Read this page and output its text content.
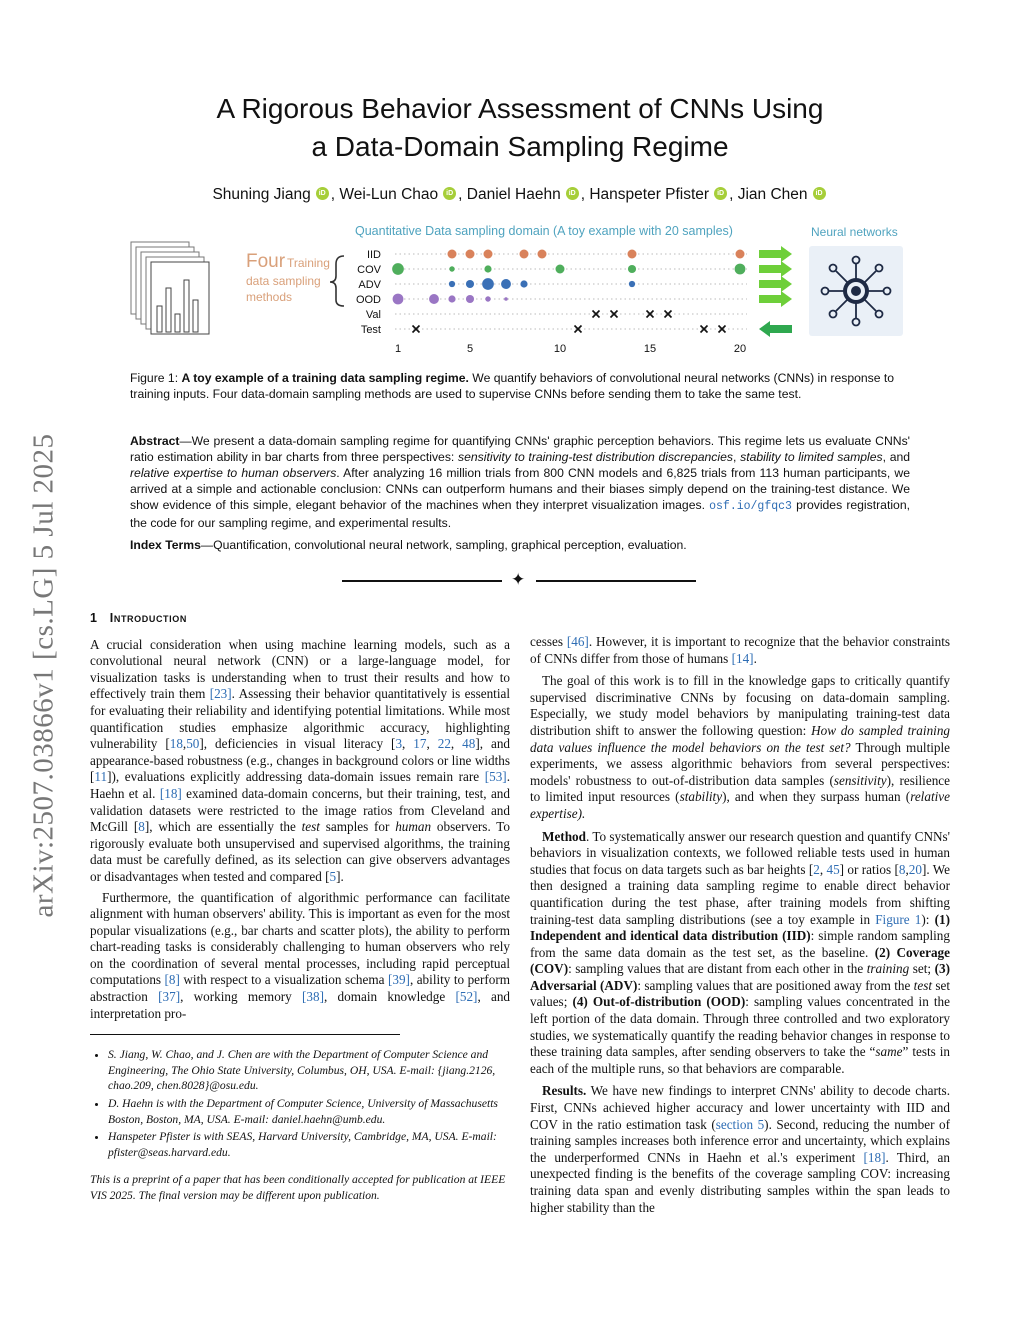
arXiv:2507.03866v1 [cs.LG] 5 Jul 2025
A Rigorous Behavior Assessment of CNNs Using
a Data-Domain Sampling Regime
Shuning Jiang iD , Wei-Lun Chao iD , Daniel Haehn iD , Hanspeter Pfister iD , Jian Chen iD
Four Training
data sampling
methods
Quantitative Data sampling domain (A toy example with 20 samples)	Neural networks
IID
COV
ADV
OOD
Val
Test
1	5	10	15	20
Figure 1: A toy example of a training data sampling regime. We quantify behaviors of convolutional neural networks (CNNs) in response to training inputs. Four data-domain sampling methods are used to supervise CNNs before sending them to take the same test.
Abstract—We present a data-domain sampling regime for quantifying CNNs' graphic perception behaviors. This regime lets us evaluate CNNs' ratio estimation ability in bar charts from three perspectives: sensitivity to training-test distribution discrepancies, stability to limited samples, and relative expertise to human observers. After analyzing 16 million trials from 800 CNN models and 6,825 trials from 113 human participants, we arrived at a simple and actionable conclusion: CNNs can outperform humans and their biases simply depend on the training-test distance. We show evidence of this simple, elegant behavior of the machines when they interpret visualization images. osf.io/gfqc3 provides registration, the code for our sampling regime, and experimental results.
Index Terms—Quantification, convolutional neural network, sampling, graphical perception, evaluation.
✦
1 Introduction

A crucial consideration when using machine learning models, such as a convolutional neural network (CNN) or a large-language model, for visualization tasks is understanding when to trust their results and how to effectively train them [23]. Assessing their behavior quantitatively is essential for evaluating their reliability and identifying potential limitations. While most quantification studies emphasize algorithmic accuracy, highlighting vulnerability [18,50], deficiencies in visual literacy [3, 17, 22, 48], and appearance-based robustness (e.g., changes in background colors or line widths [11]), evaluations explicitly addressing data-domain issues remain rare [53]. Haehn et al. [18] examined data-domain concerns, but their training, test, and validation datasets were restricted to the image ratios from Cleveland and McGill [8], which are essentially the test samples for human observers. To rigorously evaluate both unsupervised and supervised algorithms, the training data must be carefully defined, as its selection can give observers advantages or disadvantages when tested and compared [5].

Furthermore, the quantification of algorithmic performance can facilitate alignment with human observers' ability. This is important as even for the most popular visualizations (e.g., bar charts and scatter plots), the ability to perform chart-reading tasks is considerably challenging to human observers who rely on the coordination of several mental processes, including rapid perceptual computations [8] with respect to a visualization schema [39], ability to perform abstraction [37], working memory [38], domain knowledge [52], and interpretation pro-

• S. Jiang, W. Chao, and J. Chen are with the Department of Computer Science and Engineering, The Ohio State University, Columbus, OH, USA. E-mail: {jiang.2126, chao.209, chen.8028}@osu.edu.
• D. Haehn is with the Department of Computer Science, University of Massachusetts Boston, Boston, MA, USA. E-mail: daniel.haehn@umb.edu.
• Hanspeter Pfister is with SEAS, Harvard University, Cambridge, MA, USA. E-mail: pfister@seas.harvard.edu.

This is a preprint of a paper that has been conditionally accepted for publication at IEEE VIS 2025. The final version may be different upon publication.

cesses [46]. However, it is important to recognize that the behavior constraints of CNNs differ from those of humans [14].

The goal of this work is to fill in the knowledge gaps to critically quantify supervised discriminative CNNs by focusing on data-domain sampling. Especially, we study model behaviors by manipulating training-test data distribution shift to answer the following question: How do sampled training data values influence the model behaviors on the test set? Through multiple experiments, we assess algorithmic behaviors from several perspectives: models' robustness to out-of-distribution data samples (sensitivity), resilience to limited input resources (stability), and when they surpass human (relative expertise).

Method. To systematically answer our research question and quantify CNNs' behaviors in visualization contexts, we followed reliable tests used in human studies that focus on data targets such as bar heights [2, 45] or ratios [8,20]. We then designed a training data sampling regime to enable direct behavior quantification during the test phase, after training models from shifting training-test data sampling distributions (see a toy example in Figure 1): (1) Independent and identical data distribution (IID): simple random sampling from the same data domain as the test set, as the baseline. (2) Coverage (COV): sampling values that are distant from each other in the training set; (3) Adversarial (ADV): sampling values that are positioned away from the test set values; (4) Out-of-distribution (OOD): sampling values concentrated in the left portion of the data domain. Through three controlled and two exploratory studies, we systematically quantify the reading behavior changes in response to these training data samples, after sending observers to take the “same” tests in each of the multiple runs, so that behaviors are comparable.

Results. We have new findings to interpret CNNs' ability to decode charts. First, CNNs achieved higher accuracy and lower uncertainty with IID and COV in the ratio estimation task (section 5). Second, reducing the number of training samples increases both inference error and uncertainty, which explains the underperformed CNNs in Haehn et al.'s experiment [18]. Third, an unexpected finding is the benefits of the coverage sampling COV: increasing training data span and evenly distributing samples within the span leads to higher stability than the
